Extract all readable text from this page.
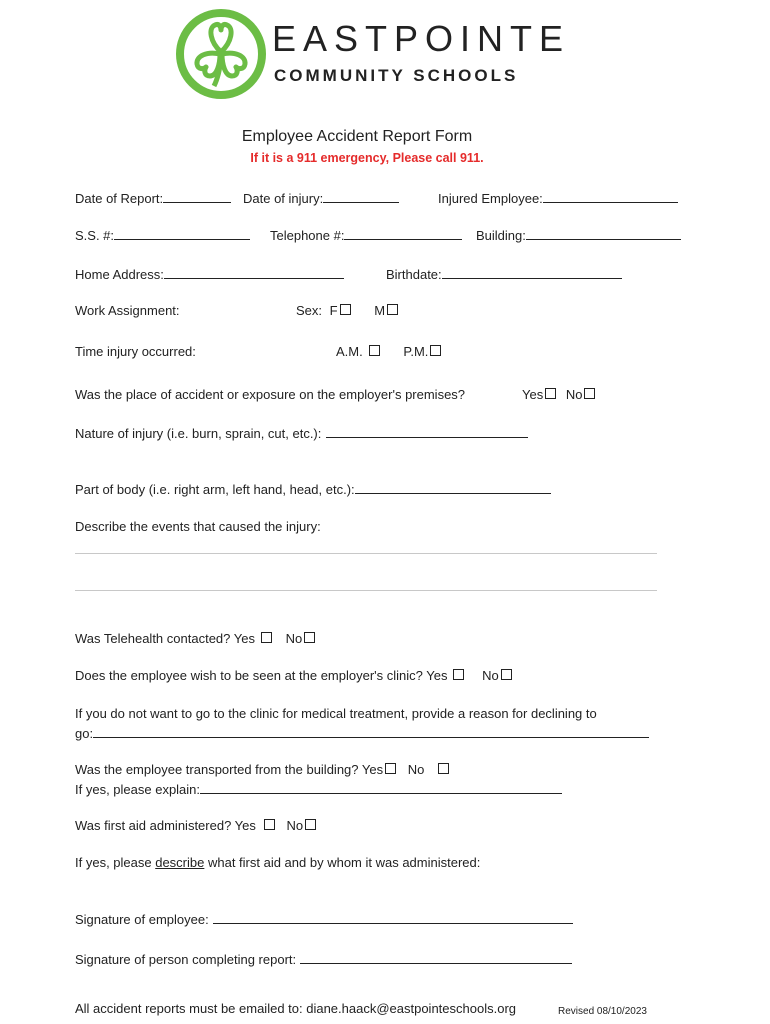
EASTPOINTE
COMMUNITY SCHOOLS
Employee Accident Report Form
If it is a 911 emergency, Please call 911.
Date of Report:	Date of injury:	Injured Employee:
S.S. #:	Telephone #:	Building:
Home Address:	Birthdate:
Work Assignment:	Sex: F	M
Time injury occurred:	A.M.	P.M.
Was the place of accident or exposure on the employer's premises?	Yes No
Nature of injury (i.e. burn, sprain, cut, etc.):
Part of body (i.e. right arm, left hand, head, etc.):
Describe the events that caused the injury:
Was Telehealth contacted? Yes No
Does the employee wish to be seen at the employer's clinic? Yes	No
If you do not want to go to the clinic for medical treatment, provide a reason for declining to
go:
Was the employee transported from the building? Yes No
If yes, please explain:
Was first aid administered? Yes No
If yes, please describe what first aid and by whom it was administered:
Signature of employee:
Signature of person completing report:
All accident reports must be emailed to: diane.haack@eastpointeschools.org	Revised 08/10/2023
